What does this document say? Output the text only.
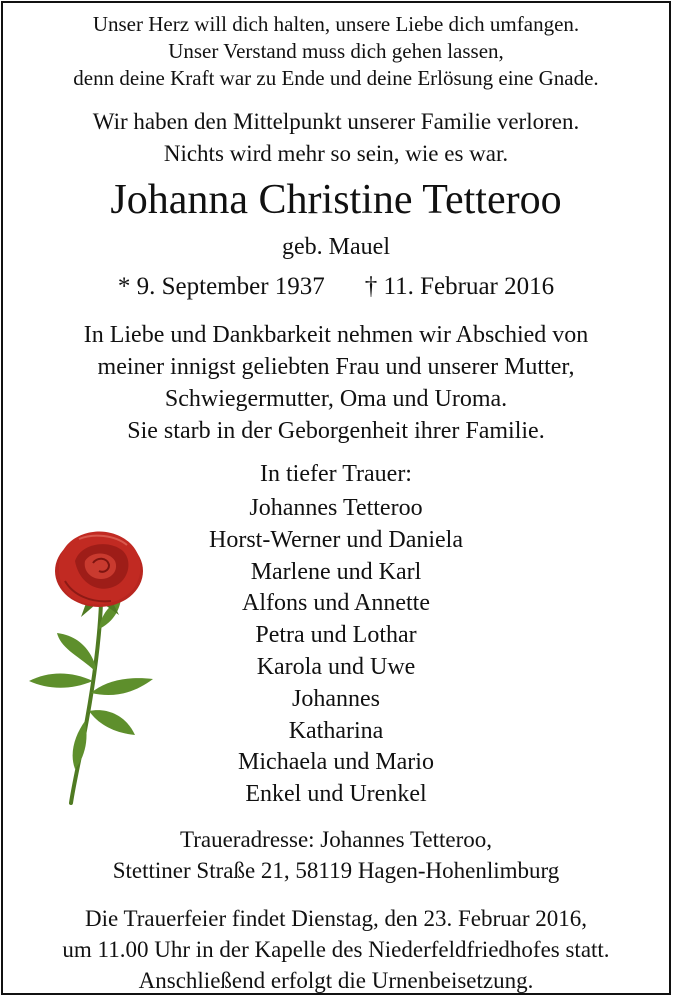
Unser Herz will dich halten, unsere Liebe dich umfangen.
Unser Verstand muss dich gehen lassen,
denn deine Kraft war zu Ende und deine Erlösung eine Gnade.
Wir haben den Mittelpunkt unserer Familie verloren.
Nichts wird mehr so sein, wie es war.
Johanna Christine Tetteroo
geb. Mauel
* 9. September 1937 † 11. Februar 2016
In Liebe und Dankbarkeit nehmen wir Abschied von
meiner innigst geliebten Frau und unserer Mutter,
Schwiegermutter, Oma und Uroma.
Sie starb in der Geborgenheit ihrer Familie.
In tiefer Trauer:
Johannes Tetteroo
Horst-Werner und Daniela
Marlene und Karl
Alfons und Annette
Petra und Lothar
Karola und Uwe
Johannes
Katharina
Michaela und Mario
Enkel und Urenkel
Traueradresse: Johannes Tetteroo,
Stettiner Straße 21, 58119 Hagen-Hohenlimburg
Die Trauerfeier findet Dienstag, den 23. Februar 2016,
um 11.00 Uhr in der Kapelle des Niederfeldfriedhofes statt.
Anschließend erfolgt die Urnenbeisetzung.
